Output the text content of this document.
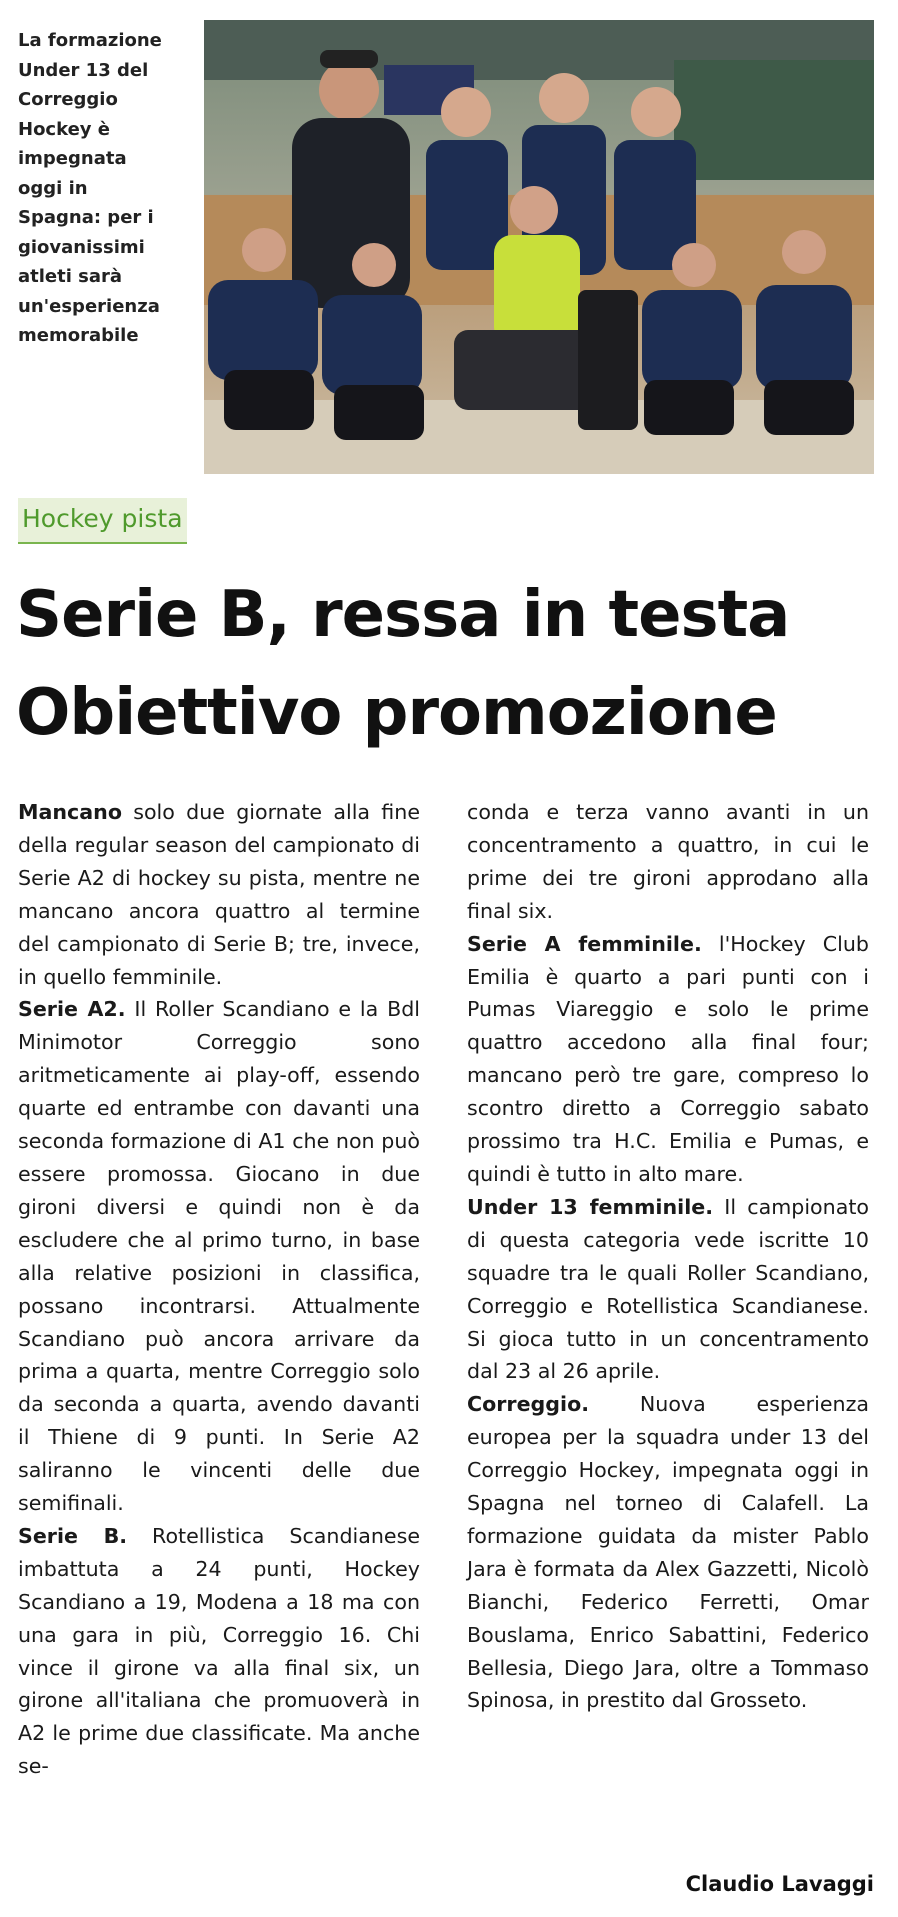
La formazione
Under 13 del
Correggio
Hockey è
impegnata
oggi in
Spagna: per i
giovanissimi
atleti sarà
un'esperienza
memorabile
Hockey pista
Serie B, ressa in testa
Obiettivo promozione

Mancano solo due giornate alla fine della regular season del campionato di Serie A2 di hockey su pista, mentre ne mancano ancora quattro al termine del campionato di Serie B; tre, invece, in quello femminile.

Serie A2. Il Roller Scandiano e la Bdl Minimotor Correggio sono aritmeticamente ai play-off, essendo quarte ed entrambe con davanti una seconda formazione di A1 che non può essere promossa. Giocano in due gironi diversi e quindi non è da escludere che al primo turno, in base alla relative posizioni in classifica, possano incontrarsi. Attualmente Scandiano può ancora arrivare da prima a quarta, mentre Correggio solo da seconda a quarta, avendo davanti il Thiene di 9 punti. In Serie A2 saliranno le vincenti delle due semifinali.

Serie B. Rotellistica Scandianese imbattuta a 24 punti, Hockey Scandiano a 19, Modena a 18 ma con una gara in più, Correggio 16. Chi vince il girone va alla final six, un girone all'italiana che promuoverà in A2 le prime due classificate. Ma anche se-

conda e terza vanno avanti in un concentramento a quattro, in cui le prime dei tre gironi approdano alla final six.

Serie A femminile. l'Hockey Club Emilia è quarto a pari punti con i Pumas Viareggio e solo le prime quattro accedono alla final four; mancano però tre gare, compreso lo scontro diretto a Correggio sabato prossimo tra H.C. Emilia e Pumas, e quindi è tutto in alto mare.

Under 13 femminile. Il campionato di questa categoria vede iscritte 10 squadre tra le quali Roller Scandiano, Correggio e Rotellistica Scandianese. Si gioca tutto in un concentramento dal 23 al 26 aprile.

Correggio. Nuova esperienza europea per la squadra under 13 del Correggio Hockey, impegnata oggi in Spagna nel torneo di Calafell. La formazione guidata da mister Pablo Jara è formata da Alex Gazzetti, Nicolò Bianchi, Federico Ferretti, Omar Bouslama, Enrico Sabattini, Federico Bellesia, Diego Jara, oltre a Tommaso Spinosa, in prestito dal Grosseto.

Claudio Lavaggi
